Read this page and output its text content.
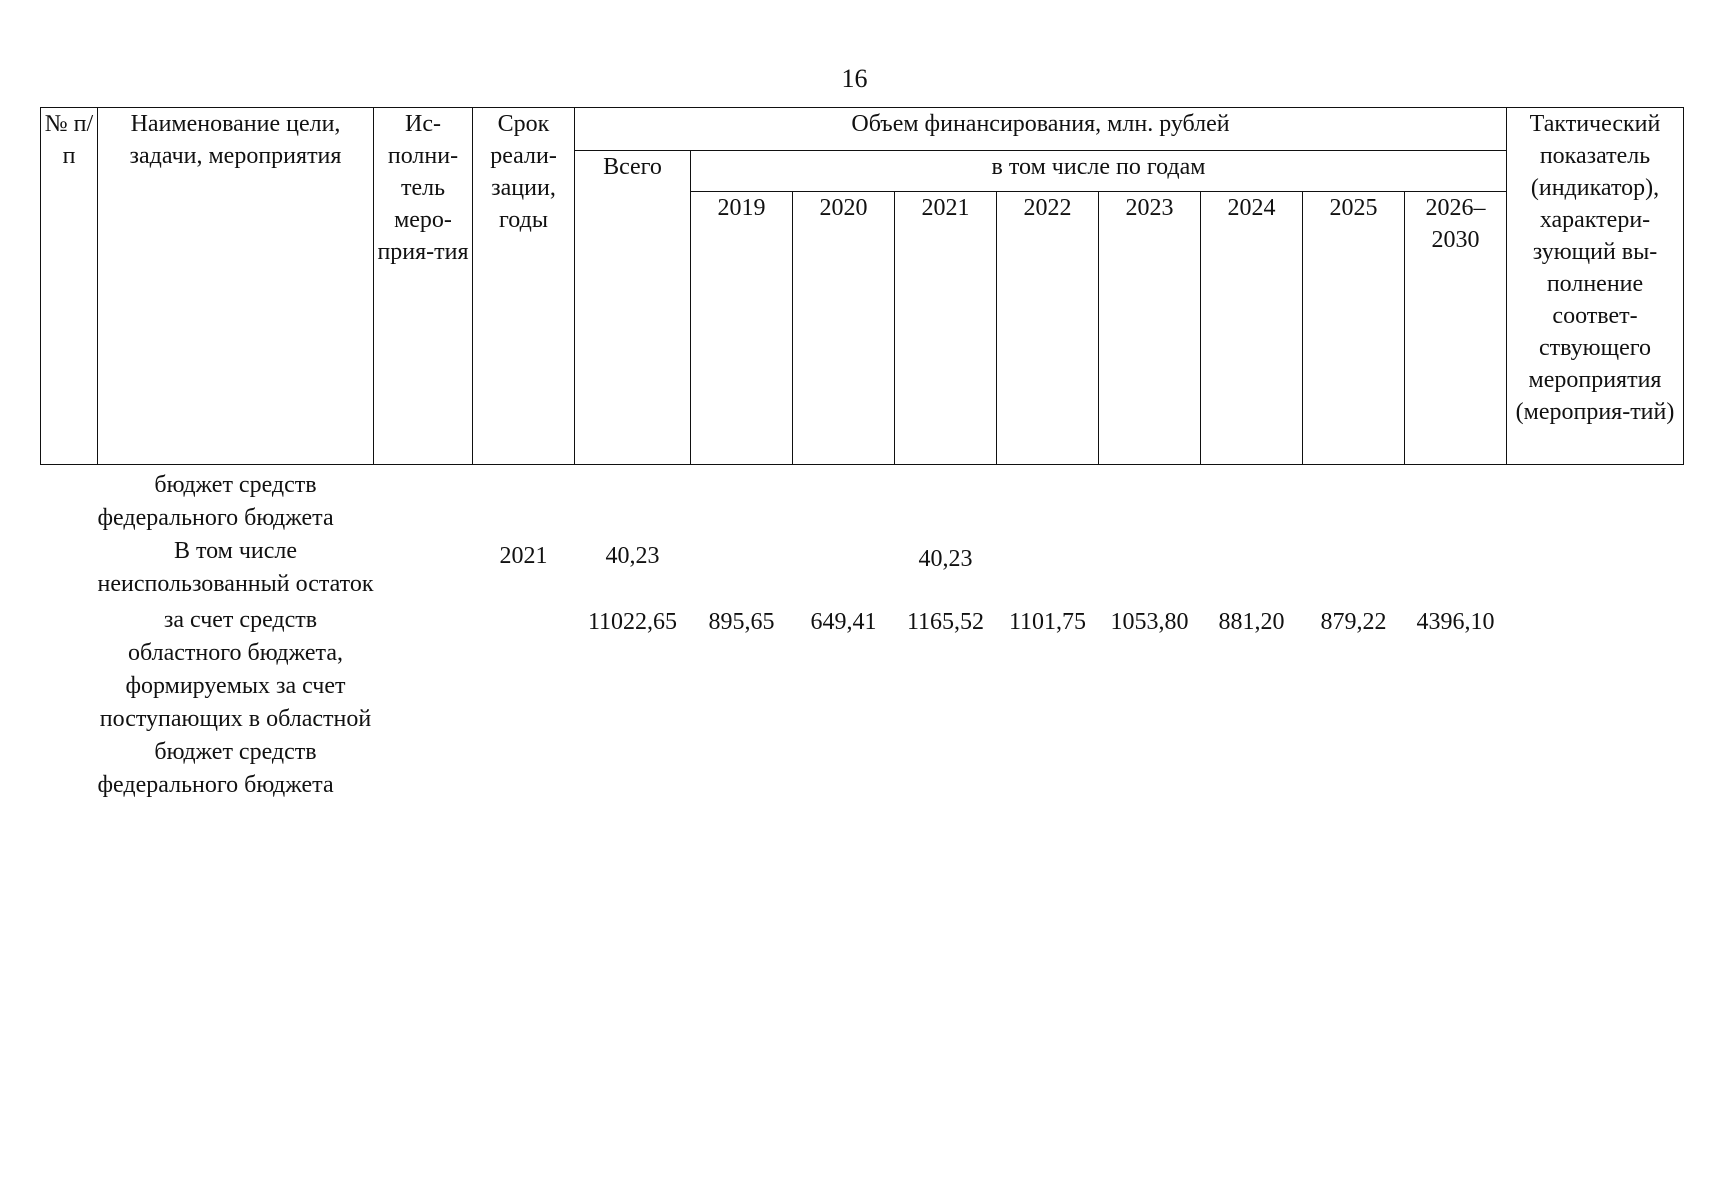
16
№ п/п	Наименование цели, задачи, мероприятия	Ис-полни-тель меро-прия-тия	Срок реали-зации, годы	Объем финансирования, млн. рублей									Тактический показатель (индикатор), характери-зующий вы-полнение соответ-ствующего мероприятия (мероприя-тий)
				Всего	в том числе по годам								
					2019	2020	2021	2022	2023	2024	2025	2026–2030	
	бюджет средств федерального бюджета												
	В том числе неиспользованный остаток		2021	40,23			40,23						
	за счет средств областного бюджета, формируемых за счет поступающих в областной бюджет средств федерального бюджета			11022,65	895,65	649,41	1165,52	1101,75	1053,80	881,20	879,22	4396,10	
